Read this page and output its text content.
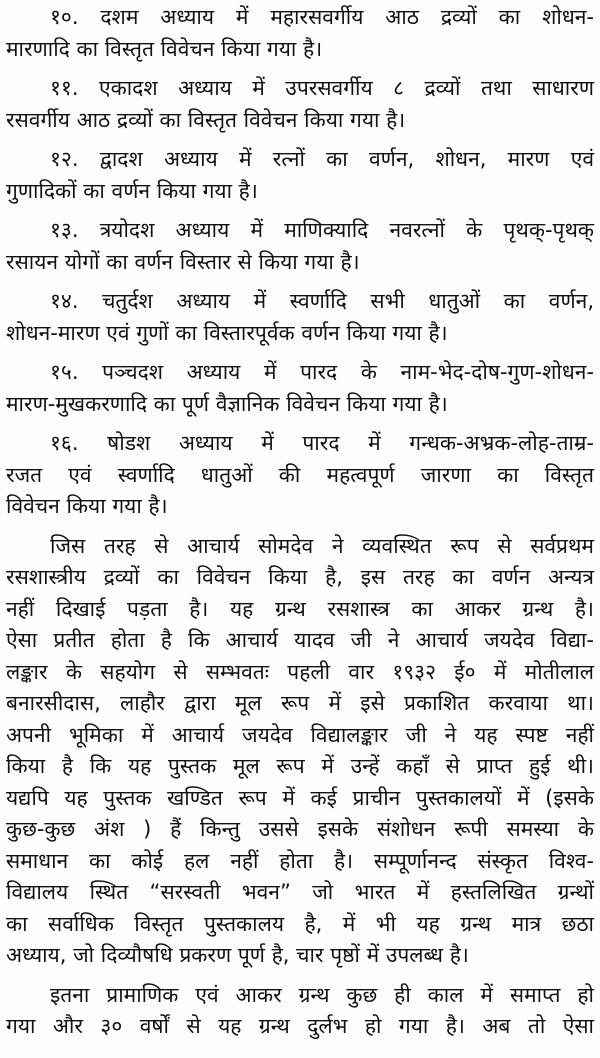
१०. दशम अध्याय में महारसवर्गीय आठ द्रव्यों का शोधन-
मारणादि का विस्तृत विवेचन किया गया है।
११. एकादश अध्याय में उपरसवर्गीय ८ द्रव्यों तथा साधारण
रसवर्गीय आठ द्रव्यों का विस्तृत विवेचन किया गया है।
१२. द्वादश अध्याय में रत्नों का वर्णन, शोधन, मारण एवं
गुणादिकों का वर्णन किया गया है।
१३. त्रयोदश अध्याय में माणिक्यादि नवरत्नों के पृथक्-पृथक्
रसायन योगों का वर्णन विस्तार से किया गया है।
१४. चतुर्दश अध्याय में स्वर्णादि सभी धातुओं का वर्णन,
शोधन-मारण एवं गुणों का विस्तारपूर्वक वर्णन किया गया है।
१५. पञ्चदश अध्याय में पारद के नाम-भेद-दोष-गुण-शोधन-
मारण-मुखकरणादि का पूर्ण वैज्ञानिक विवेचन किया गया है।
१६. षोडश अध्याय में पारद में गन्धक-अभ्रक-लोह-ताम्र-
रजत एवं स्वर्णादि धातुओं की महत्वपूर्ण जारणा का विस्तृत
विवेचन किया गया है।
जिस तरह से आचार्य सोमदेव ने व्यवस्थित रूप से सर्वप्रथम
रसशास्त्रीय द्रव्यों का विवेचन किया है, इस तरह का वर्णन अन्यत्र
नहीं दिखाई पड़ता है। यह ग्रन्थ रसशास्त्र का आकर ग्रन्थ है।
ऐसा प्रतीत होता है कि आचार्य यादव जी ने आचार्य जयदेव विद्या-
लङ्कार के सहयोग से सम्भवतः पहली वार १९३२ ई० में मोतीलाल
बनारसीदास, लाहौर द्वारा मूल रूप में इसे प्रकाशित करवाया था।
अपनी भूमिका में आचार्य जयदेव विद्यालङ्कार जी ने यह स्पष्ट नहीं
किया है कि यह पुस्तक मूल रूप में उन्हें कहाँ से प्राप्त हुई थी।
यद्यपि यह पुस्तक खण्डित रूप में कई प्राचीन पुस्तकालयों में (इसके
कुछ-कुछ अंश ) हैं किन्तु उससे इसके संशोधन रूपी समस्या के
समाधान का कोई हल नहीं होता है। सम्पूर्णानन्द संस्कृत विश्व-
विद्यालय स्थित “सरस्वती भवन” जो भारत में हस्तलिखित ग्रन्थों
का सर्वाधिक विस्तृत पुस्तकालय है, में भी यह ग्रन्थ मात्र छठा
अध्याय, जो दिव्यौषधि प्रकरण पूर्ण है, चार पृष्ठों में उपलब्ध है।
इतना प्रामाणिक एवं आकर ग्रन्थ कुछ ही काल में समाप्त हो
गया और ३० वर्षों से यह ग्रन्थ दुर्लभ हो गया है। अब तो ऐसा
